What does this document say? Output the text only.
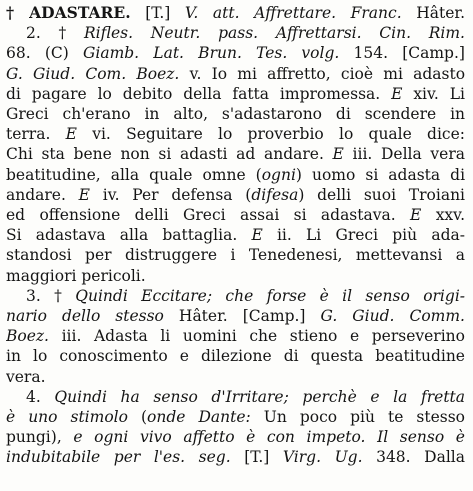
† ADASTARE. [T.] V. att. Affrettare. Franc. Hâter.
2. † Rifles. Neutr. pass. Affrettarsi. Cin. Rim.
68. (C) Giamb. Lat. Brun. Tes. volg. 154. [Camp.]
G. Giud. Com. Boez. v. Io mi affretto, cioè mi adasto
di pagare lo debito della fatta impromessa. E xiv. Li
Greci ch'erano in alto, s'adastarono di scendere in
terra. E vi. Seguitare lo proverbio lo quale dice:
Chi sta bene non si adasti ad andare. E iii. Della vera
beatitudine, alla quale omne (ogni) uomo si adasta di
andare. E iv. Per defensa (difesa) delli suoi Troiani
ed offensione delli Greci assai si adastava. E xxv.
Si adastava alla battaglia. E ii. Li Greci più ada-
standosi per distruggere i Tenedenesi, mettevansi a
maggiori pericoli.
3. † Quindi Eccitare; che forse è il senso origi-
nario dello stesso Hâter. [Camp.] G. Giud. Comm.
Boez. iii. Adasta li uomini che stieno e perseverino
in lo conoscimento e dilezione di questa beatitudine
vera.
4. Quindi ha senso d'Irritare; perchè e la fretta
è uno stimolo (onde Dante: Un poco più te stesso
pungi), e ogni vivo affetto è con impeto. Il senso è
indubitabile per l'es. seg. [T.] Virg. Ug. 348. Dalla
